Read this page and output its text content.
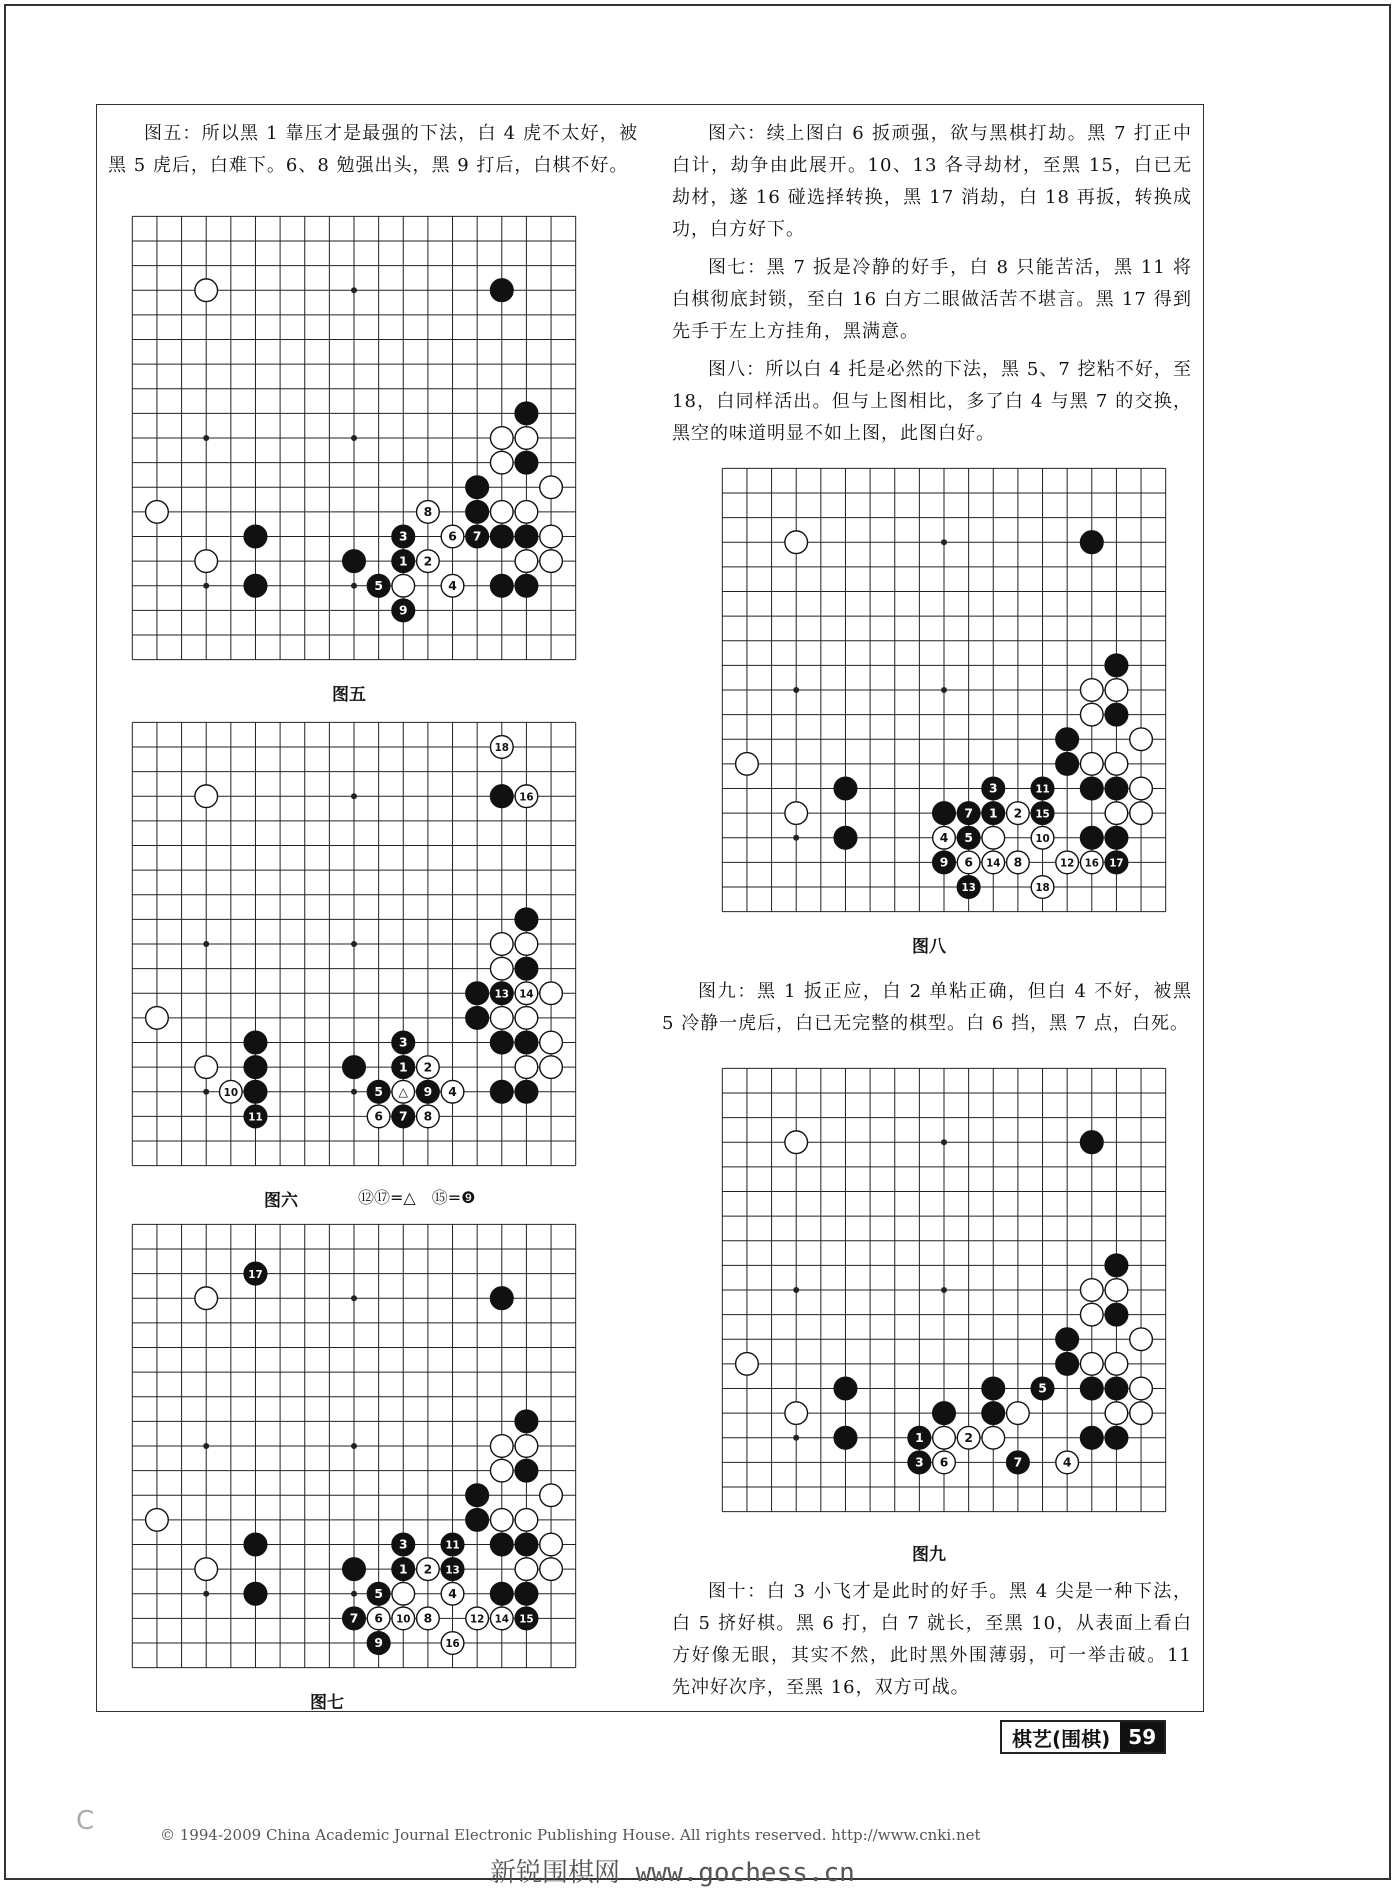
图五：所以黑 1 靠压才是最强的下法，白 4 虎不太好，被黑 5 虎后，白难下。6、8 勉强出头，黑 9 打后，白棋不好。

图六：续上图白 6 扳顽强，欲与黑棋打劫。黑 7 打正中白计，劫争由此展开。10、13 各寻劫材，至黑 15，白已无劫材，遂 16 碰选择转换，黑 17 消劫，白 18 再扳，转换成功，白方好下。

图七：黑 7 扳是冷静的好手，白 8 只能苦活，黑 11 将白棋彻底封锁，至白 16 白方二眼做活苦不堪言。黑 17 得到先手于左上方挂角，黑满意。

图八：所以白 4 托是必然的下法，黑 5、7 挖粘不好，至 18，白同样活出。但与上图相比，多了白 4 与黑 7 的交换，黑空的味道明显不如上图，此图白好。

8
3	6 7
1 2
5	4
9
图五
18
16
13 14
3
1 2
10	5 △ 9 4
11	6 7 8
图六	⑫⑰=△　⑮=❾
17
3	11
1 2 13
5	4
7 6 10 8	12 14 15
9	16
图七
3	11
7 1 2 15
4 5	10
9 6 14 8	12 16 17
13	18
图八

图九：黑 1 扳正应，白 2 单粘正确，但白 4 不好，被黑 5 冷静一虎后，白已无完整的棋型。白 6 挡，黑 7 点，白死。

5
1	2
3 6	7	4
图九

图十：白 3 小飞才是此时的好手。黑 4 尖是一种下法，白 5 挤好棋。黑 6 打，白 7 就长，至黑 10，从表面上看白方好像无眼，其实不然，此时黑外围薄弱，可一举击破。11 先冲好次序，至黑 16，双方可战。

棋艺(围棋) 59
C	© 1994-2009 China Academic Journal Electronic Publishing House. All rights reserved. http://www.cnki.net
新锐围棋网 www.gochess.cn
